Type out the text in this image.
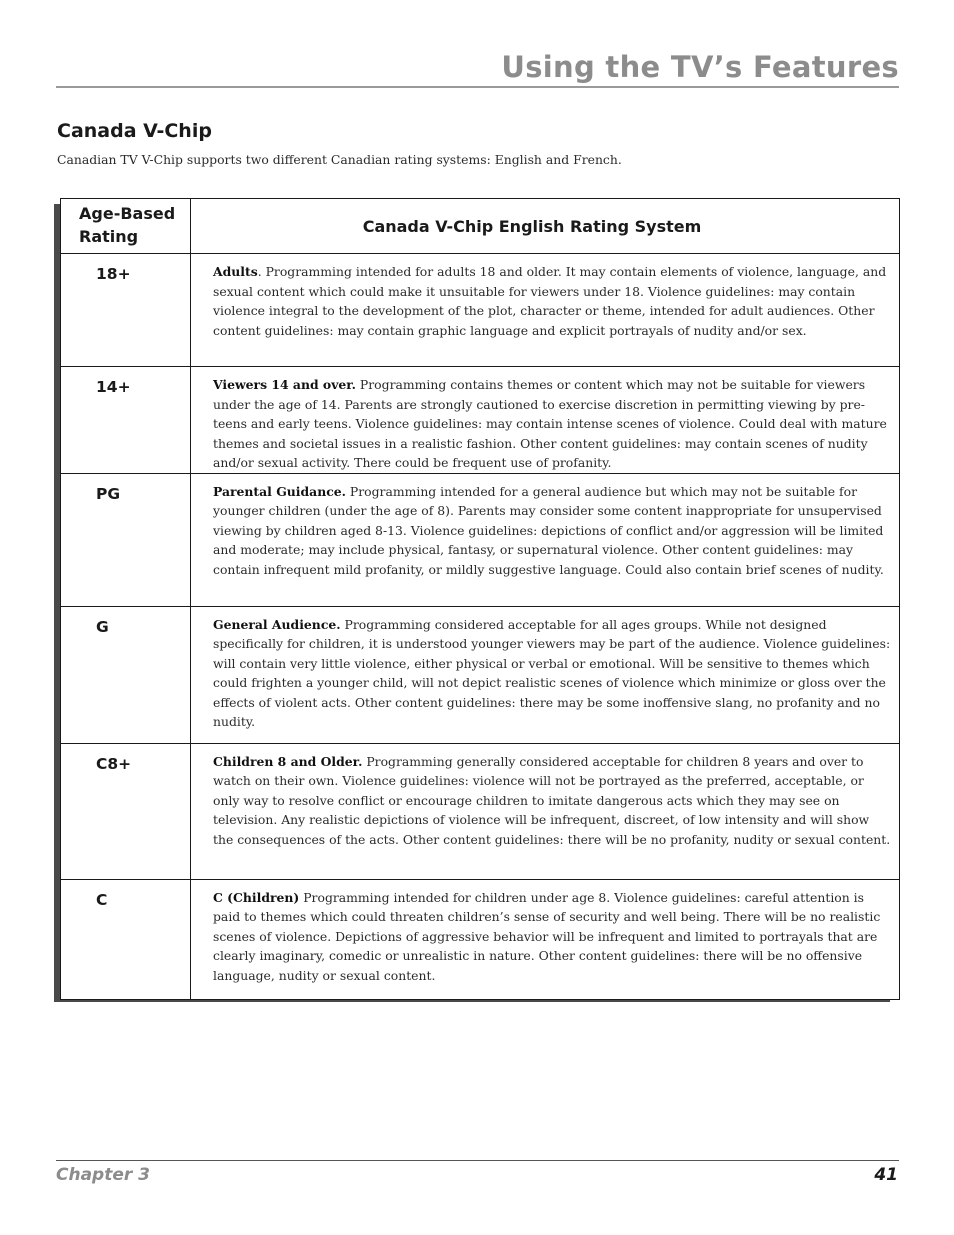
Using the TV’s Features
Canada V-Chip
Canadian TV V-Chip supports two different Canadian rating systems: English and French.
Age-Based Rating	Canada V-Chip English Rating System
18+	Adults. Programming intended for adults 18 and older. It may contain elements of violence, language, and sexual content which could make it unsuitable for viewers under 18. Violence guidelines: may contain violence integral to the development of the plot, character or theme, intended for adult audiences. Other content guidelines: may contain graphic language and explicit portrayals of nudity and/or sex.
14+	Viewers 14 and over. Programming contains themes or content which may not be suitable for viewers under the age of 14. Parents are strongly cautioned to exercise discretion in permitting viewing by pre-teens and early teens. Violence guidelines: may contain intense scenes of violence. Could deal with mature themes and societal issues in a realistic fashion. Other content guidelines: may contain scenes of nudity and/or sexual activity. There could be frequent use of profanity.
PG	Parental Guidance. Programming intended for a general audience but which may not be suitable for younger children (under the age of 8). Parents may consider some content inappropriate for unsupervised viewing by children aged 8-13. Violence guidelines: depictions of conflict and/or aggression will be limited and moderate; may include physical, fantasy, or supernatural violence. Other content guidelines: may contain infrequent mild profanity, or mildly suggestive language. Could also contain brief scenes of nudity.
G	General Audience. Programming considered acceptable for all ages groups. While not designed specifically for children, it is understood younger viewers may be part of the audience. Violence guidelines: will contain very little violence, either physical or verbal or emotional. Will be sensitive to themes which could frighten a younger child, will not depict realistic scenes of violence which minimize or gloss over the effects of violent acts. Other content guidelines: there may be some inoffensive slang, no profanity and no nudity.
C8+	Children 8 and Older. Programming generally considered acceptable for children 8 years and over to watch on their own. Violence guidelines: violence will not be portrayed as the preferred, acceptable, or only way to resolve conflict or encourage children to imitate dangerous acts which they may see on television. Any realistic depictions of violence will be infrequent, discreet, of low intensity and will show the consequences of the acts. Other content guidelines: there will be no profanity, nudity or sexual content.
C	C (Children) Programming intended for children under age 8. Violence guidelines: careful attention is paid to themes which could threaten children’s sense of security and well being. There will be no realistic scenes of violence. Depictions of aggressive behavior will be infrequent and limited to portrayals that are clearly imaginary, comedic or unrealistic in nature. Other content guidelines: there will be no offensive language, nudity or sexual content.
Chapter 3	41
